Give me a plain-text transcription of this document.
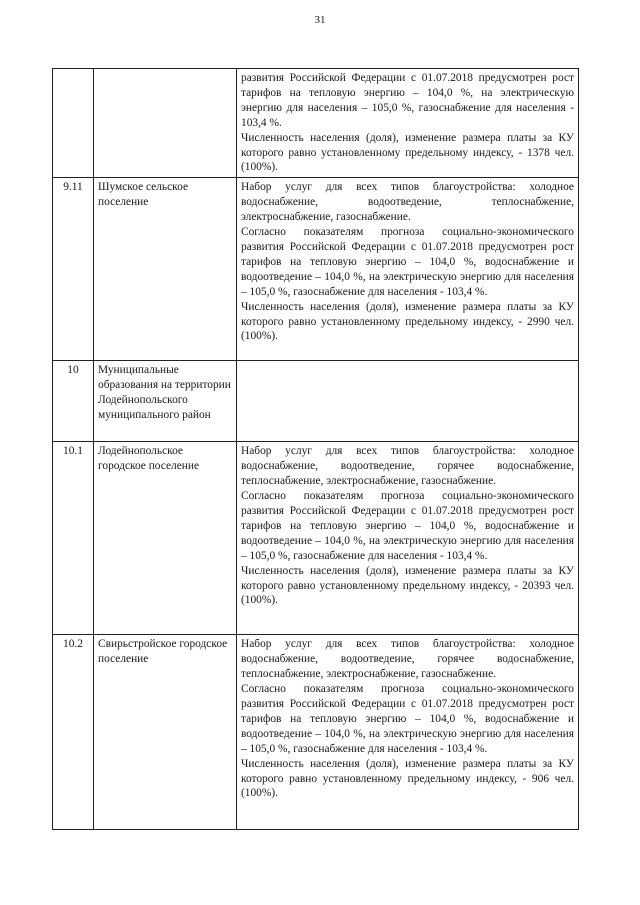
31

		развития Российской Федерации с 01.07.2018 предусмотрен рост тарифов на тепловую энергию – 104,0 %, на электрическую энергию для населения – 105,0 %, газоснабжение для населения - 103,4 %.

Численность населения (доля), изменение размера платы за КУ которого равно установленному предельному индексу, - 1378 чел. (100%).

9.11	Шумское сельское поселение	Набор услуг для всех типов благоустройства: холодное водоснабжение, водоотведение, теплоснабжение, электроснабжение, газоснабжение.

Согласно показателям прогноза социально-экономического развития Российской Федерации с 01.07.2018 предусмотрен рост тарифов на тепловую энергию – 104,0 %, водоснабжение и водоотведение – 104,0 %, на электрическую энергию для населения – 105,0 %, газоснабжение для населения - 103,4 %.

Численность населения (доля), изменение размера платы за КУ которого равно установленному предельному индексу, - 2990 чел. (100%).

10	Муниципальные образования на территории Лодейнопольского муниципального район	
10.1	Лодейнопольское городское поселение	Набор услуг для всех типов благоустройства: холодное водоснабжение, водоотведение, горячее водоснабжение, теплоснабжение, электроснабжение, газоснабжение.

Согласно показателям прогноза социально-экономического развития Российской Федерации с 01.07.2018 предусмотрен рост тарифов на тепловую энергию – 104,0 %, водоснабжение и водоотведение – 104,0 %, на электрическую энергию для населения – 105,0 %, газоснабжение для населения - 103,4 %.

Численность населения (доля), изменение размера платы за КУ которого равно установленному предельному индексу, - 20393 чел. (100%).

10.2	Свирьстройское городское поселение	Набор услуг для всех типов благоустройства: холодное водоснабжение, водоотведение, горячее водоснабжение, теплоснабжение, электроснабжение, газоснабжение.

Согласно показателям прогноза социально-экономического развития Российской Федерации с 01.07.2018 предусмотрен рост тарифов на тепловую энергию – 104,0 %, водоснабжение и водоотведение – 104,0 %, на электрическую энергию для населения – 105,0 %, газоснабжение для населения - 103,4 %.

Численность населения (доля), изменение размера платы за КУ которого равно установленному предельному индексу, - 906 чел. (100%).
